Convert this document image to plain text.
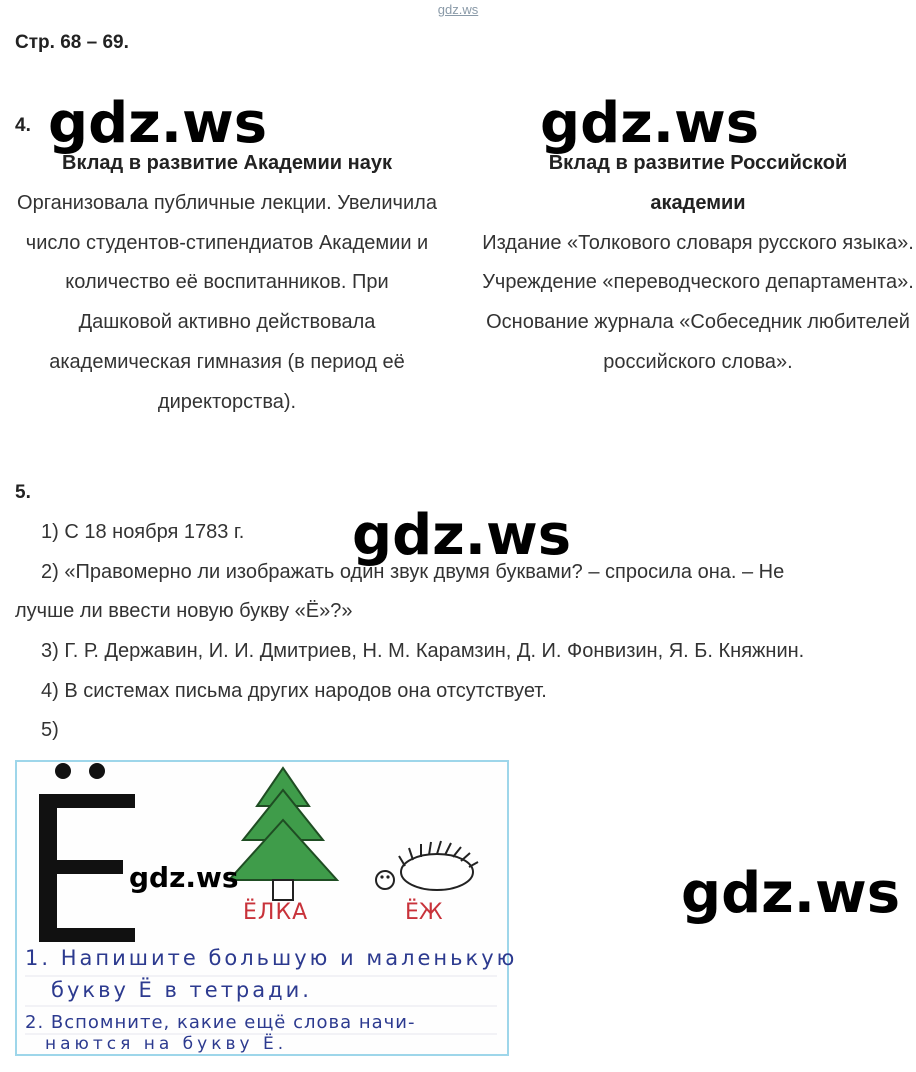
gdz.ws
Стр. 68 – 69.
4.
Вклад в развитие Академии наук

Организовала публичные лекции. Увеличила число студентов-стипендиатов Академии и количество её воспитанников. При Дашковой активно действовала академическая гимназия (в период её директорства).

Вклад в развитие Российской академии

Издание «Толкового словаря русского языка». Учреждение «переводческого департамента». Основание журнала «Собеседник любителей российского слова».

5.
1) С 18 ноября 1783 г.
2) «Правомерно ли изображать один звук двумя буквами? – спросила она. – Не
лучше ли ввести новую букву «Ё»?»
3) Г. Р. Державин, И. И. Дмитриев, Н. М. Карамзин, Д. И. Фонвизин, Я. Б. Княжнин.
4) В системах письма других народов она отсутствует.
5)
ЁЛКА	ЁЖ
1. Напишите большую и маленькую
букву Ё в тетради.
2. Вспомните, какие ещё слова начи-
наются на букву Ё.
gdz.ws	gdz.ws
gdz.ws
gdz.ws	gdz.ws
